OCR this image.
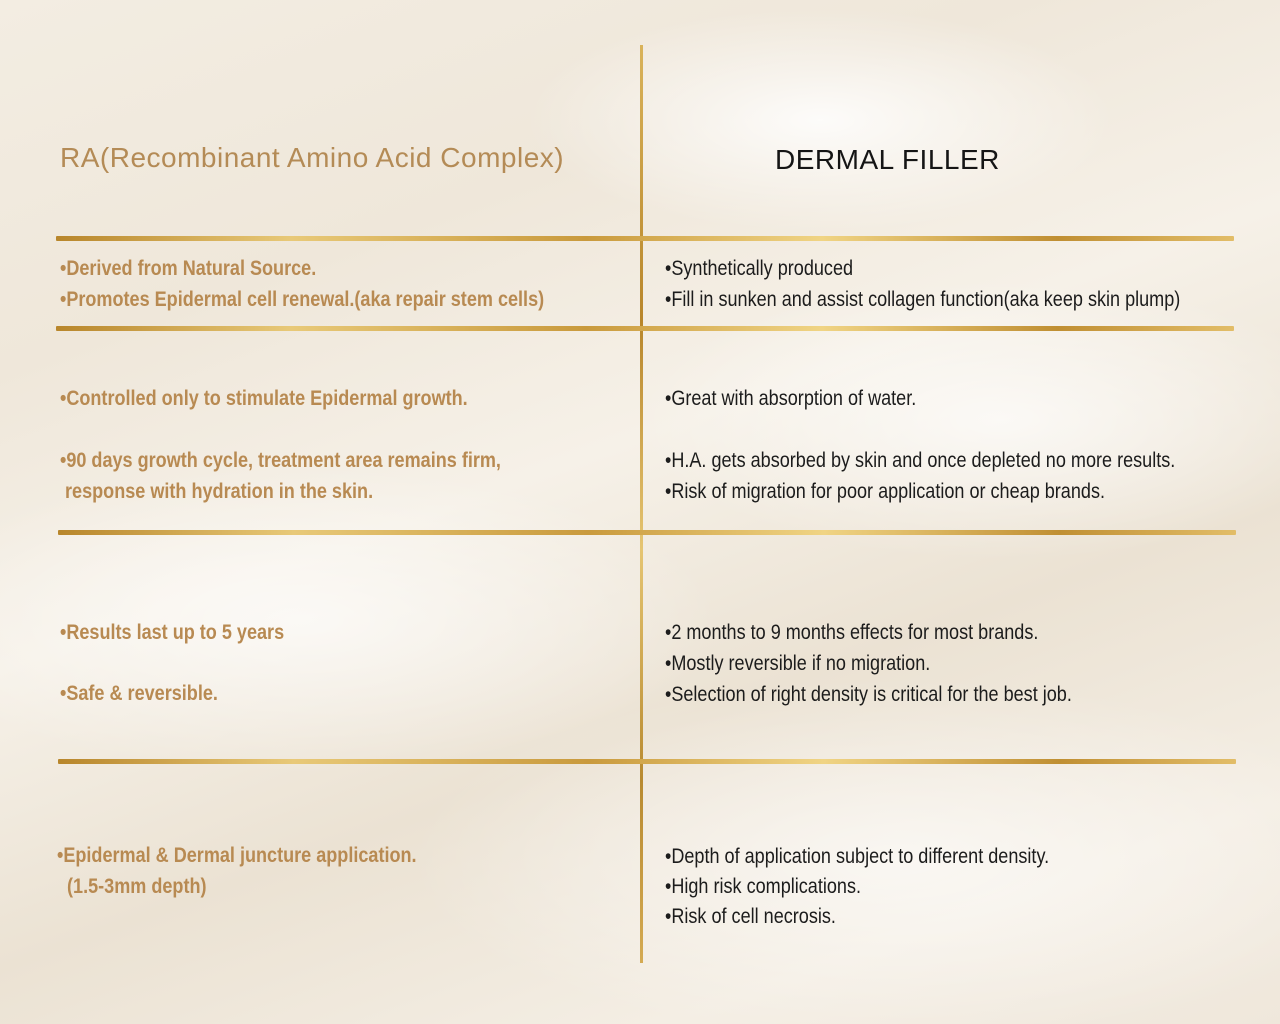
RA(Recombinant Amino Acid Complex)	DERMAL FILLER
•Derived from Natural Source.
•Promotes Epidermal cell renewal.(aka repair stem cells)
•Synthetically produced
•Fill in sunken and assist collagen function(aka keep skin plump)
•Controlled only to stimulate Epidermal growth.
•90 days growth cycle, treatment area remains firm,
response with hydration in the skin.
•Great with absorption of water.
•H.A. gets absorbed by skin and once depleted no more results.
•Risk of migration for poor application or cheap brands.
•Results last up to 5 years
•Safe & reversible.
•2 months to 9 months effects for most brands.
•Mostly reversible if no migration.
•Selection of right density is critical for the best job.
•Epidermal & Dermal juncture application.
(1.5-3mm depth)
•Depth of application subject to different density.
•High risk complications.
•Risk of cell necrosis.
